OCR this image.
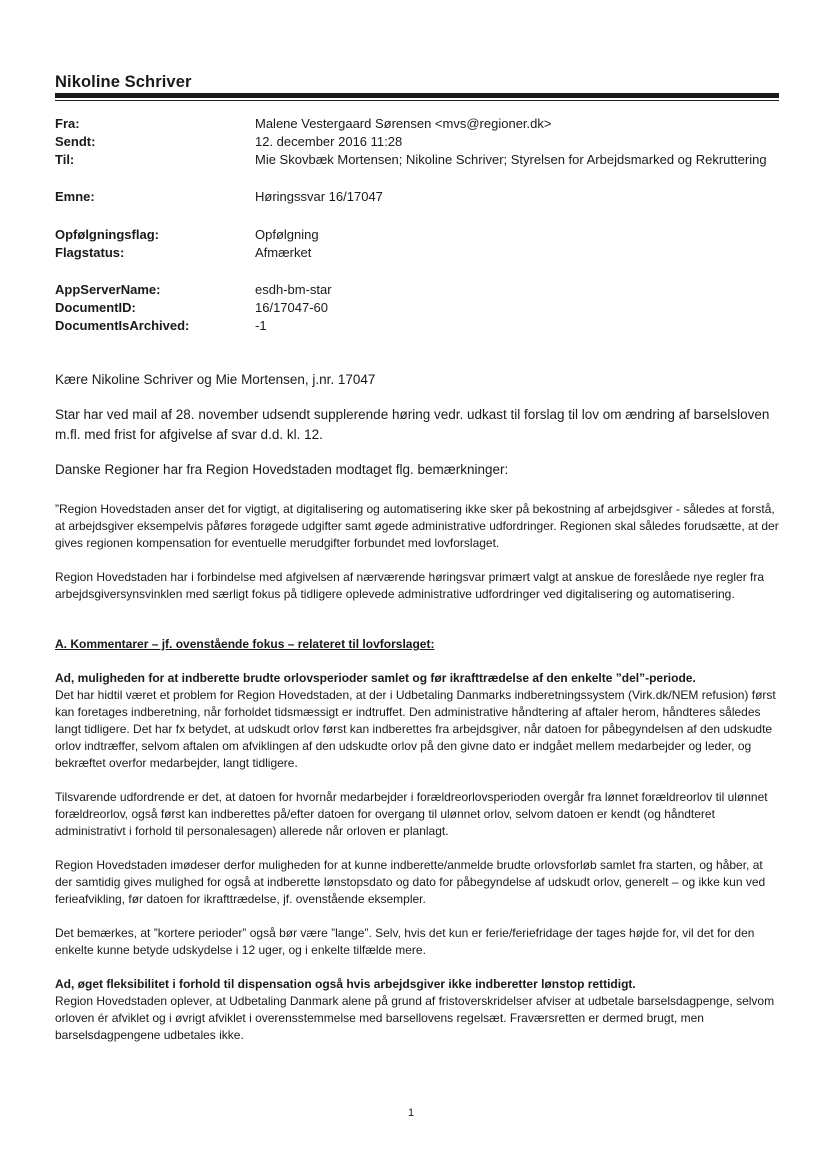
Nikoline Schriver
Fra:	Malene Vestergaard Sørensen <mvs@regioner.dk>
Sendt:	12. december 2016 11:28
Til:	Mie Skovbæk Mortensen; Nikoline Schriver; Styrelsen for Arbejdsmarked og Rekruttering
Emne:	Høringssvar 16/17047
Opfølgningsflag:	Opfølgning
Flagstatus:	Afmærket
AppServerName:	esdh-bm-star
DocumentID:	16/17047-60
DocumentIsArchived:	-1
Kære Nikoline Schriver og Mie Mortensen, j.nr. 17047
Star har ved mail af 28. november udsendt supplerende høring vedr. udkast til forslag til lov om ændring af barselsloven m.fl. med frist for afgivelse af svar d.d. kl. 12.
Danske Regioner har fra Region Hovedstaden modtaget flg. bemærkninger:
”Region Hovedstaden anser det for vigtigt, at digitalisering og automatisering ikke sker på bekostning af arbejdsgiver - således at forstå, at arbejdsgiver eksempelvis påføres forøgede udgifter samt øgede administrative udfordringer. Regionen skal således forudsætte, at der gives regionen kompensation for eventuelle merudgifter forbundet med lovforslaget.
Region Hovedstaden har i forbindelse med afgivelsen af nærværende høringsvar primært valgt at anskue de foreslåede nye regler fra arbejdsgiversynsvinklen med særligt fokus på tidligere oplevede administrative udfordringer ved digitalisering og automatisering.
A. Kommentarer – jf. ovenstående fokus – relateret til lovforslaget:
Ad, muligheden for at indberette brudte orlovsperioder samlet og før ikrafttrædelse af den enkelte ”del”-periode.
Det har hidtil været et problem for Region Hovedstaden, at der i Udbetaling Danmarks indberetningssystem (Virk.dk/NEM refusion) først kan foretages indberetning, når forholdet tidsmæssigt er indtruffet. Den administrative håndtering af aftaler herom, håndteres således langt tidligere. Det har fx betydet, at udskudt orlov først kan indberettes fra arbejdsgiver, når datoen for påbegyndelsen af den udskudte orlov indtræffer, selvom aftalen om afviklingen af den udskudte orlov på den givne dato er indgået mellem medarbejder og leder, og bekræftet overfor medarbejder, langt tidligere.
Tilsvarende udfordrende er det, at datoen for hvornår medarbejder i forældreorlovsperioden overgår fra lønnet forældreorlov til ulønnet forældreorlov, også først kan indberettes på/efter datoen for overgang til ulønnet orlov, selvom datoen er kendt (og håndteret administrativt i forhold til personalesagen) allerede når orloven er planlagt.
Region Hovedstaden imødeser derfor muligheden for at kunne indberette/anmelde brudte orlovsforløb samlet fra starten, og håber, at der samtidig gives mulighed for også at indberette lønstopsdato og dato for påbegyndelse af udskudt orlov, generelt – og ikke kun ved ferieafvikling, før datoen for ikrafttrædelse, jf. ovenstående eksempler.
Det bemærkes, at ”kortere perioder” også bør være ”lange”. Selv, hvis det kun er ferie/feriefridage der tages højde for, vil det for den enkelte kunne betyde udskydelse i 12 uger, og i enkelte tilfælde mere.
Ad, øget fleksibilitet i forhold til dispensation også hvis arbejdsgiver ikke indberetter lønstop rettidigt.
Region Hovedstaden oplever, at Udbetaling Danmark alene på grund af fristoverskridelser afviser at udbetale barselsdagpenge, selvom orloven ér afviklet og i øvrigt afviklet i overensstemmelse med barsellovens regelsæt. Fraværsretten er dermed brugt, men barselsdagpengene udbetales ikke.
1
